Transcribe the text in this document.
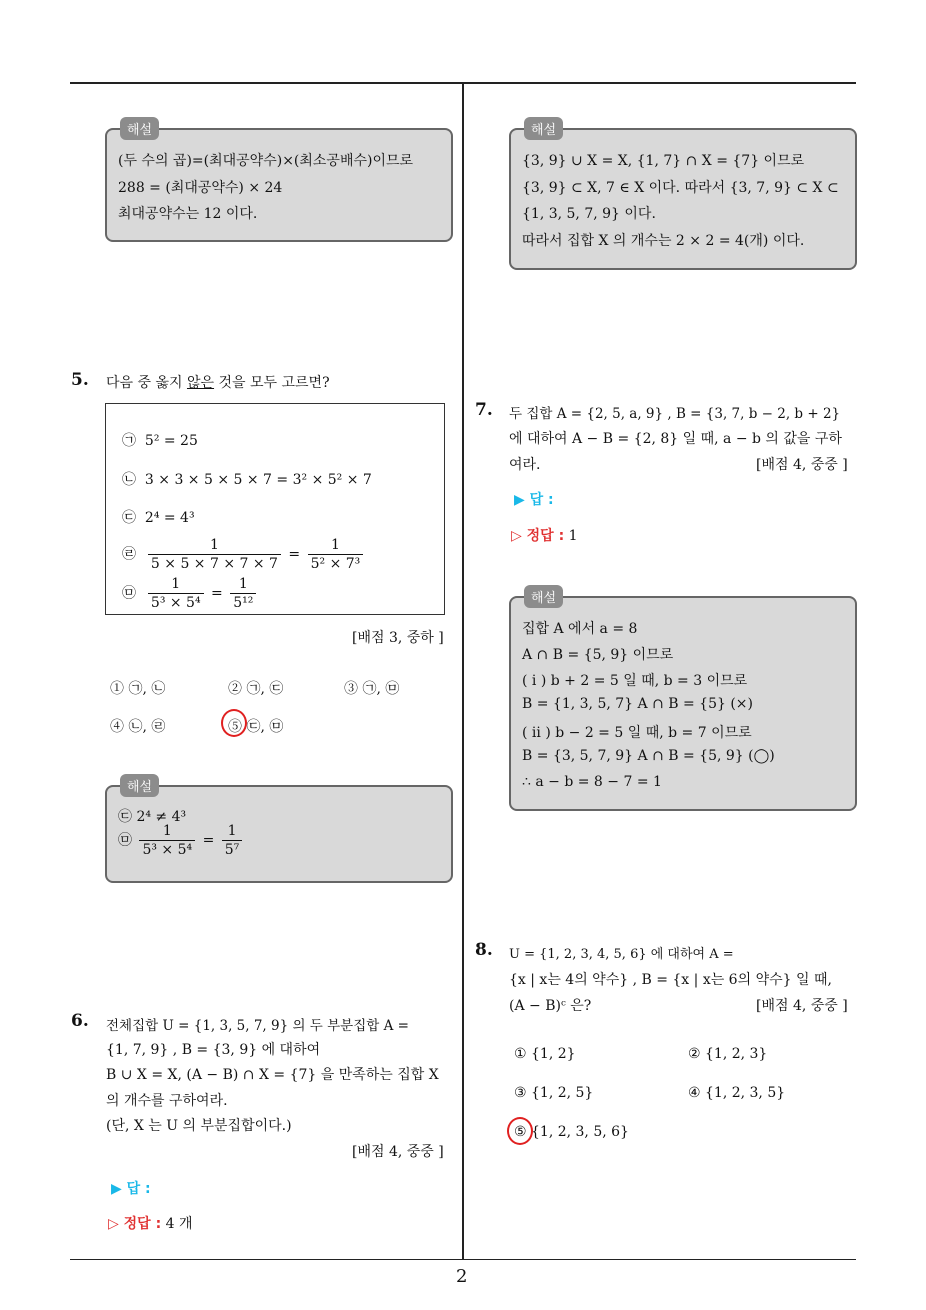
2
해설
(두 수의 곱)=(최대공약수)×(최소공배수)이므로
288 = (최대공약수) × 24
최대공약수는 12 이다.
5. 다음 중 옳지 않은 것을 모두 고르면?
㉠ 5² = 25
㉡ 3 × 3 × 5 × 5 × 7 = 3² × 5² × 7
㉢ 2⁴ = 4³
㉣ $\frac{1}{5 \times 5 \times 7 \times 7 \times 7} = \frac{1}{\text{5² × 7³}}$
㉤ $\frac{1}{\text{5³ × 5⁴}} = \frac{1}{\text{5¹²}}$
[배점 3, 중하 ]
① ㉠, ㉡	② ㉠, ㉢	③ ㉠, ㉤
④ ㉡, ㉣	⑤ ㉢, ㉤
해설
㉢ 2⁴ ≠ 4³
㉤ $\frac{1}{\text{5³ × 5⁴}} = \frac{1}{\text{5⁷}}$
6. 전체집합 U = {1, 3, 5, 7, 9} 의 두 부분집합 A =
{1, 7, 9} , B = {3, 9} 에 대하여
B ∪ X = X, (A − B) ∩ X = {7} 을 만족하는 집합 X
의 개수를 구하여라.
(단, X 는 U 의 부분집합이다.)
[배점 4, 중중 ]
▶ 답 :
▷ 정답 : 4 개
해설
{3, 9} ∪ X = X, {1, 7} ∩ X = {7} 이므로
{3, 9} ⊂ X, 7 ∈ X 이다. 따라서 {3, 7, 9} ⊂ X ⊂
{1, 3, 5, 7, 9} 이다.
따라서 집합 X 의 개수는 2 × 2 = 4(개) 이다.
7. 두 집합 A = {2, 5, a, 9} , B = {3, 7, b − 2, b + 2}
에 대하여 A − B = {2, 8} 일 때, a − b 의 값을 구하
여라.	[배점 4, 중중 ]
▶ 답 :
▷ 정답 : 1
해설
집합 A 에서 a = 8
A ∩ B = {5, 9} 이므로
( i ) b + 2 = 5 일 때, b = 3 이므로
B = {1, 3, 5, 7} A ∩ B = {5} (×)
( ii ) b − 2 = 5 일 때, b = 7 이므로
B = {3, 5, 7, 9} A ∩ B = {5, 9} (◯)
∴ a − b = 8 − 7 = 1
8. U = {1, 2, 3, 4, 5, 6} 에 대하여 A =
{x | x는 4의 약수} , B = {x | x는 6의 약수} 일 때,
(A − B)ᶜ 은?	[배점 4, 중중 ]
① {1, 2}	② {1, 2, 3}
③ {1, 2, 5}	④ {1, 2, 3, 5}
⑤ {1, 2, 3, 5, 6}
